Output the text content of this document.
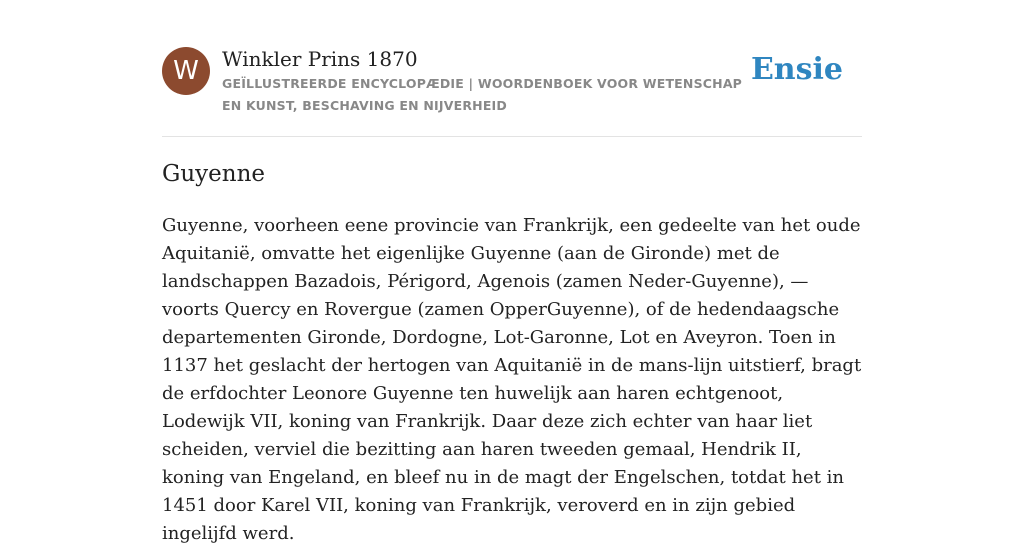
W	Winkler Prins 1870
GEÏLLUSTREERDE ENCYCLOPÆDIE | WOORDENBOEK VOOR WETENSCHAP EN KUNST, BESCHAVING EN NIJVERHEID
Ensie
Guyenne

Guyenne, voorheen eene provincie van Frankrijk, een gedeelte van het oude Aquitanië, omvatte het eigenlijke Guyenne (aan de Gironde) met de landschappen Bazadois, Périgord, Agenois (zamen Neder-Guyenne), — voorts Quercy en Rovergue (zamen OpperGuyenne), of de hedendaagsche departementen Gironde, Dordogne, Lot-Garonne, Lot en Aveyron. Toen in 1137 het geslacht der hertogen van Aquitanië in de mans-lijn uitstierf, bragt de erfdochter Leonore Guyenne ten huwelijk aan haren echtgenoot, Lodewijk VII, koning van Frankrijk. Daar deze zich echter van haar liet scheiden, verviel die bezitting aan haren tweeden gemaal, Hendrik II, koning van Engeland, en bleef nu in de magt der Engelschen, totdat het in 1451 door Karel VII, koning van Frankrijk, veroverd en in zijn gebied ingelijfd werd.
